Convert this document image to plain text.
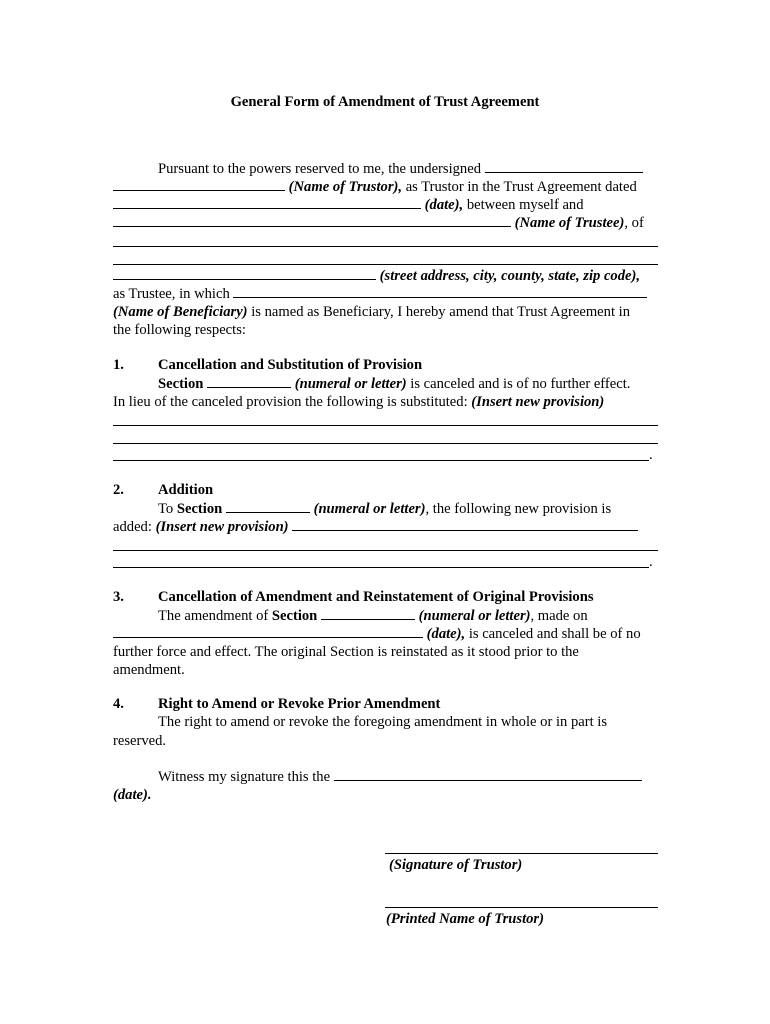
General Form of Amendment of Trust Agreement
Pursuant to the powers reserved to me, the undersigned
(Name of Trustor), as Trustor in the Trust Agreement dated
(date), between myself and
(Name of Trustee), of
(street address, city, county, state, zip code),
as Trustee, in which
(Name of Beneficiary) is named as Beneficiary, I hereby amend that Trust Agreement in
the following respects:
1. Cancellation and Substitution of Provision
Section	(numeral or letter) is canceled and is of no further effect.
In lieu of the canceled provision the following is substituted: (Insert new provision)
.
2. Addition
To Section	(numeral or letter), the following new provision is
added: (Insert new provision)
.
3. Cancellation of Amendment and Reinstatement of Original Provisions
The amendment of Section	(numeral or letter), made on
(date), is canceled and shall be of no
further force and effect. The original Section is reinstated as it stood prior to the
amendment.
4. Right to Amend or Revoke Prior Amendment
The right to amend or revoke the foregoing amendment in whole or in part is
reserved.
Witness my signature this the
(date).
(Signature of Trustor)
(Printed Name of Trustor)
